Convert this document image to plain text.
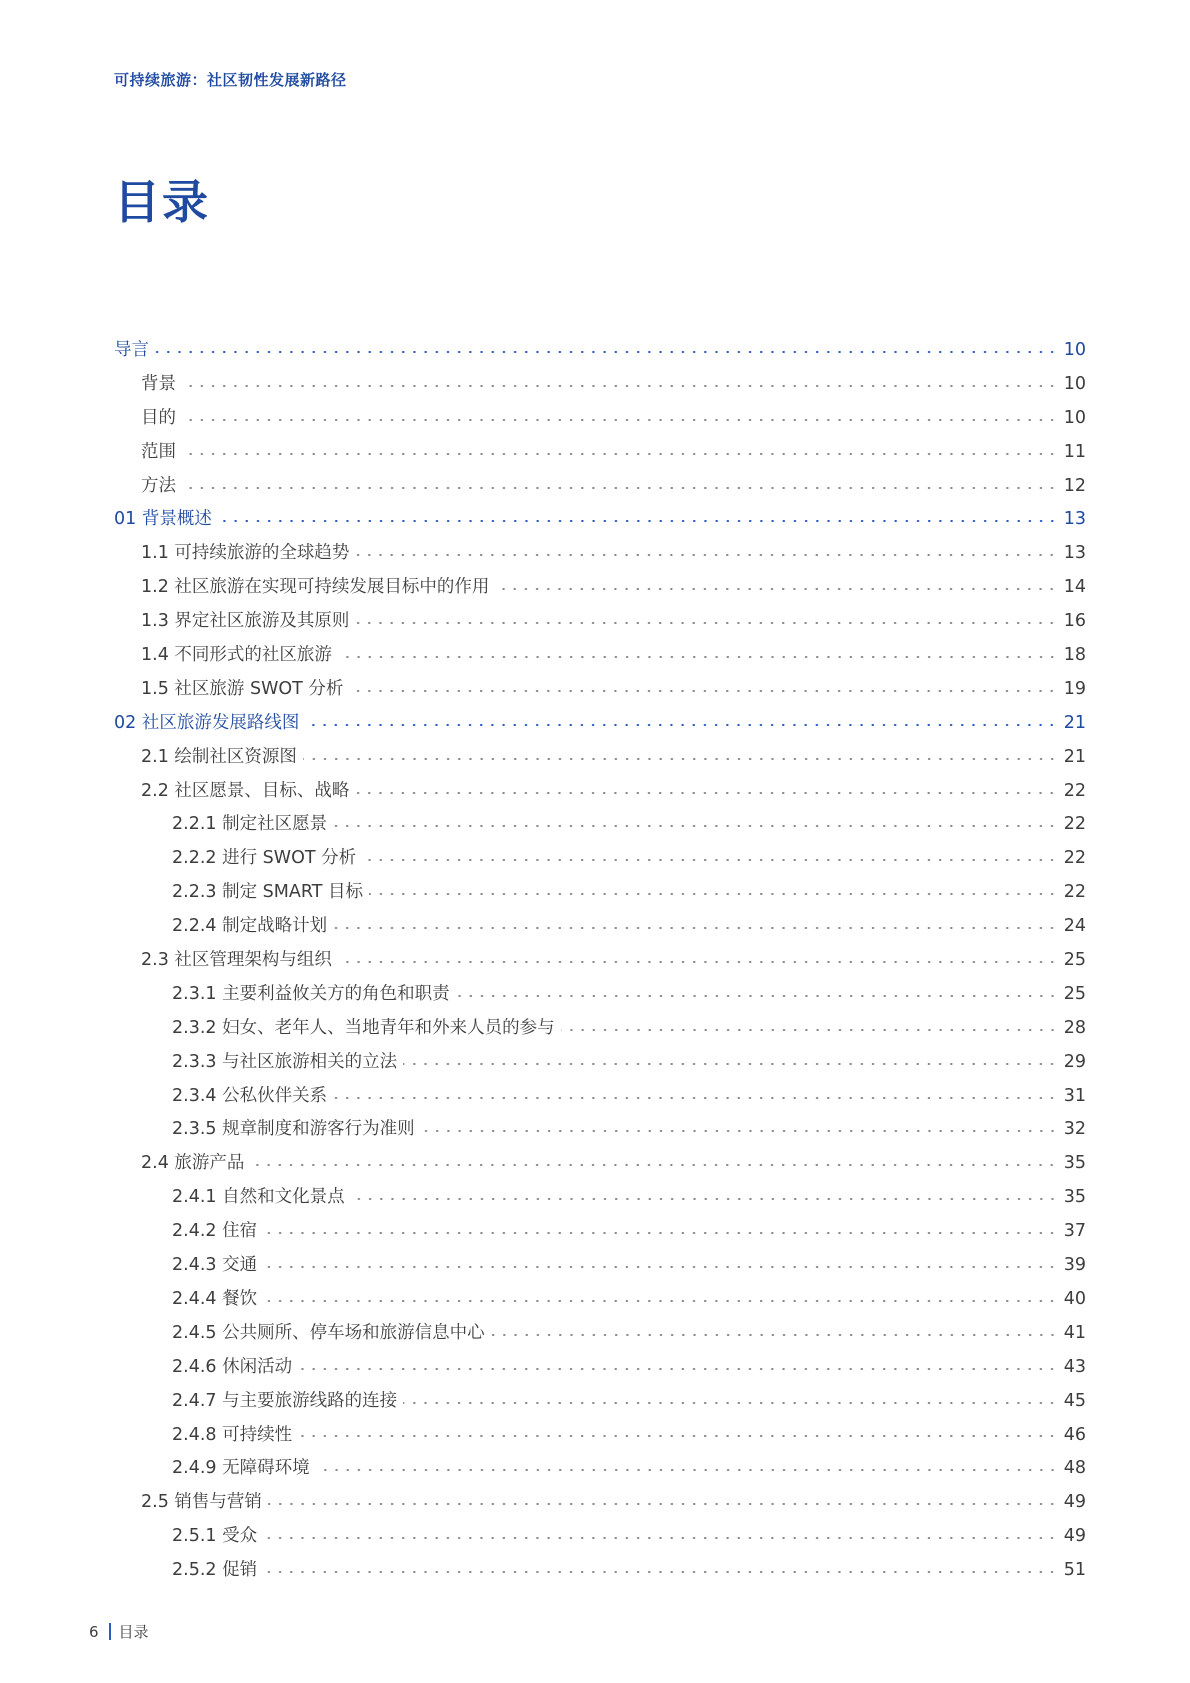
可持续旅游：社区韧性发展新路径
目录
导言	10
背景	10
目的	10
范围	11
方法	12
01 背景概述	13
1.1 可持续旅游的全球趋势	13
1.2 社区旅游在实现可持续发展目标中的作用	14
1.3 界定社区旅游及其原则	16
1.4 不同形式的社区旅游	18
1.5 社区旅游 SWOT 分析	19
02 社区旅游发展路线图	21
2.1 绘制社区资源图	21
2.2 社区愿景、目标、战略	22
2.2.1 制定社区愿景	22
2.2.2 进行 SWOT 分析	22
2.2.3 制定 SMART 目标	22
2.2.4 制定战略计划	24
2.3 社区管理架构与组织	25
2.3.1 主要利益攸关方的角色和职责	25
2.3.2 妇女、老年人、当地青年和外来人员的参与	28
2.3.3 与社区旅游相关的立法	29
2.3.4 公私伙伴关系	31
2.3.5 规章制度和游客行为准则	32
2.4 旅游产品	35
2.4.1 自然和文化景点	35
2.4.2 住宿	37
2.4.3 交通	39
2.4.4 餐饮	40
2.4.5 公共厕所、停车场和旅游信息中心	41
2.4.6 休闲活动	43
2.4.7 与主要旅游线路的连接	45
2.4.8 可持续性	46
2.4.9 无障碍环境	48
2.5 销售与营销	49
2.5.1 受众	49
2.5.2 促销	51
6 目录
